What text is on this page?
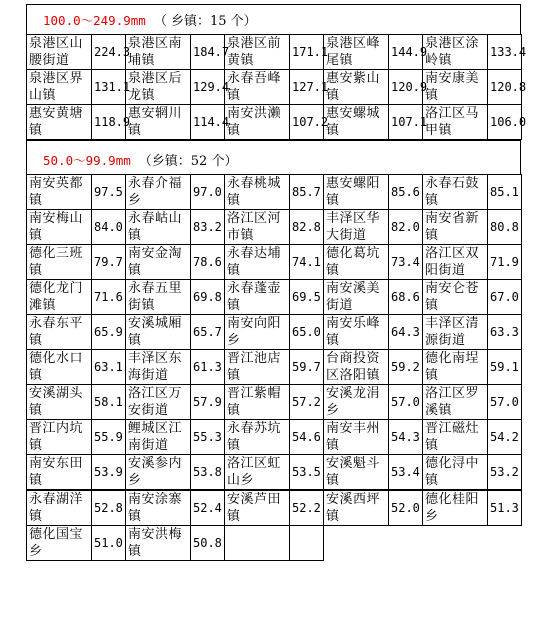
100.0～249.9mm （ 乡镇：15 个）
泉港区山腰街道	224.3	泉港区南埔镇	184.7	泉港区前黄镇	171.1	泉港区峰尾镇	144.9	泉港区涂岭镇	133.4
泉港区界山镇	131.1	泉港区后龙镇	129.4	永春吾峰镇	127.1	惠安紫山镇	120.9	南安康美镇	120.8
惠安黄塘镇	118.9	惠安辋川镇	114.4	南安洪濑镇	107.2	惠安螺城镇	107.1	洛江区马甲镇	106.0
50.0～99.9mm （乡镇：52 个）
南安英都镇	97.5	永春介福乡	97.0	永春桃城镇	85.7	惠安螺阳镇	85.6	永春石鼓镇	85.1
南安梅山镇	84.0	永春岵山镇	83.2	洛江区河市镇	82.8	丰泽区华大街道	82.0	南安省新镇	80.8
德化三班镇	79.7	南安金淘镇	78.6	永春达埔镇	74.1	德化葛坑镇	73.4	洛江区双阳街道	71.9
德化龙门滩镇	71.6	永春五里街镇	69.8	永春蓬壶镇	69.5	南安溪美街道	68.6	南安仑苍镇	67.0
永春东平镇	65.9	安溪城厢镇	65.7	南安向阳乡	65.0	南安乐峰镇	64.3	丰泽区清源街道	63.3
德化水口镇	63.1	丰泽区东海街道	61.3	晋江池店镇	59.7	台商投资区洛阳镇	59.2	德化南埕镇	59.1
安溪湖头镇	58.1	洛江区万安街道	57.9	晋江紫帽镇	57.2	安溪龙涓乡	57.0	洛江区罗溪镇	57.0
晋江内坑镇	55.9	鲤城区江南街道	55.3	永春苏坑镇	54.6	南安丰州镇	54.3	晋江磁灶镇	54.2
南安东田镇	53.9	安溪参内乡	53.8	洛江区虹山乡	53.5	安溪魁斗镇	53.4	德化浔中镇	53.2
永春湖洋镇	52.8	南安涂寨镇	52.4	安溪芦田镇	52.2	安溪西坪镇	52.0	德化桂阳乡	51.3
德化国宝乡	51.0	南安洪梅镇	50.8						
